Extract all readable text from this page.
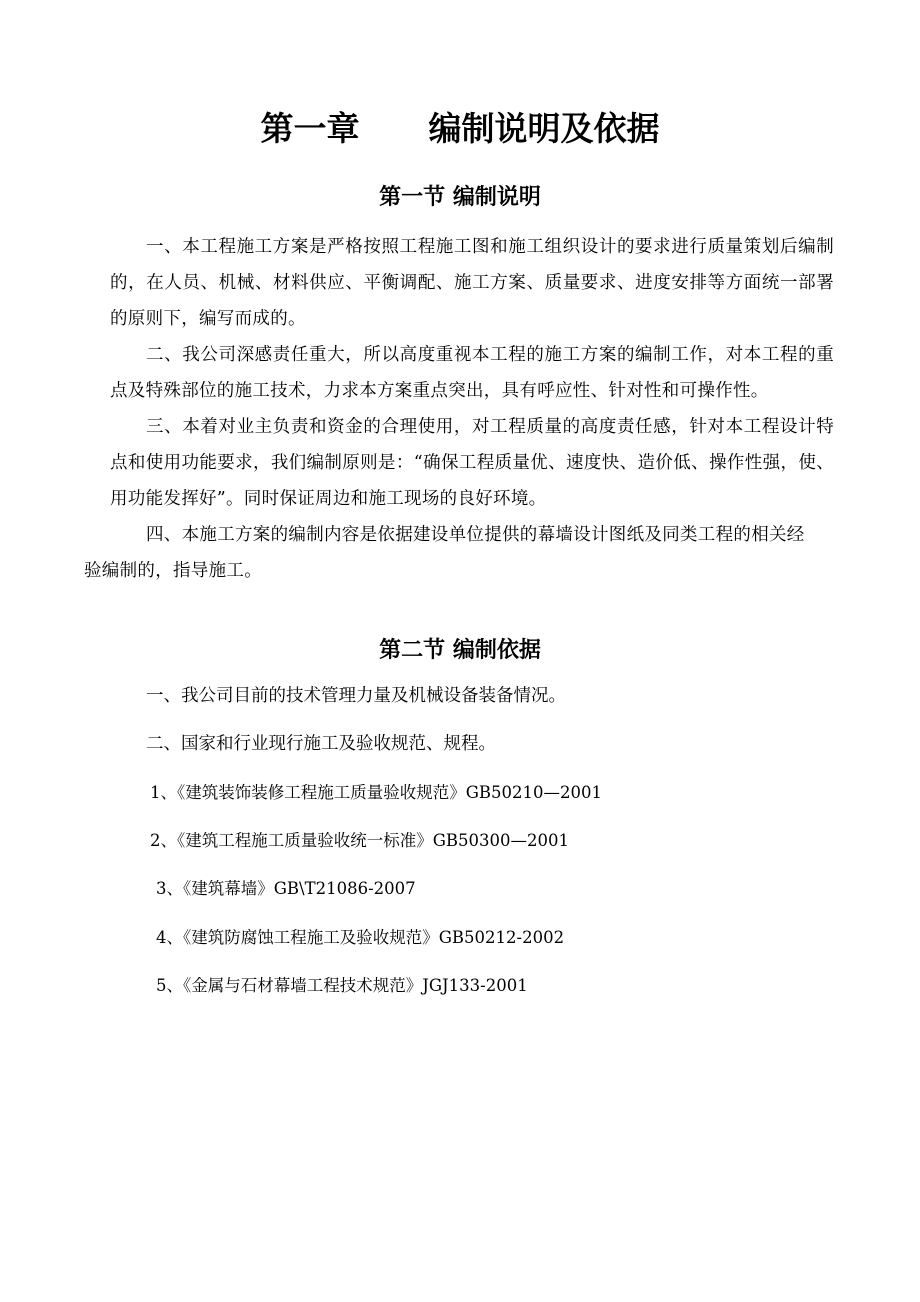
第一章      编制说明及依据
第一节 编制说明

一、本工程施工方案是严格按照工程施工图和施工组织设计的要求进行质量策划后编制的，在人员、机械、材料供应、平衡调配、施工方案、质量要求、进度安排等方面统一部署的原则下，编写而成的。

二、我公司深感责任重大，所以高度重视本工程的施工方案的编制工作，对本工程的重点及特殊部位的施工技术，力求本方案重点突出，具有呼应性、针对性和可操作性。

三、本着对业主负责和资金的合理使用，对工程质量的高度责任感，针对本工程设计特点和使用功能要求，我们编制原则是：“确保工程质量优、速度快、造价低、操作性强，使、用功能发挥好”。同时保证周边和施工现场的良好环境。

四、本施工方案的编制内容是依据建设单位提供的幕墙设计图纸及同类工程的相关经
验编制的，指导施工。

第二节 编制依据

一、我公司目前的技术管理力量及机械设备装备情况。

二、国家和行业现行施工及验收规范、规程。

1、《建筑装饰装修工程施工质量验收规范》GB50210—2001

2、《建筑工程施工质量验收统一标准》GB50300—2001

3、《建筑幕墙》GB\T21086-2007

4、《建筑防腐蚀工程施工及验收规范》GB50212-2002

5、《金属与石材幕墙工程技术规范》JGJ133-2001
